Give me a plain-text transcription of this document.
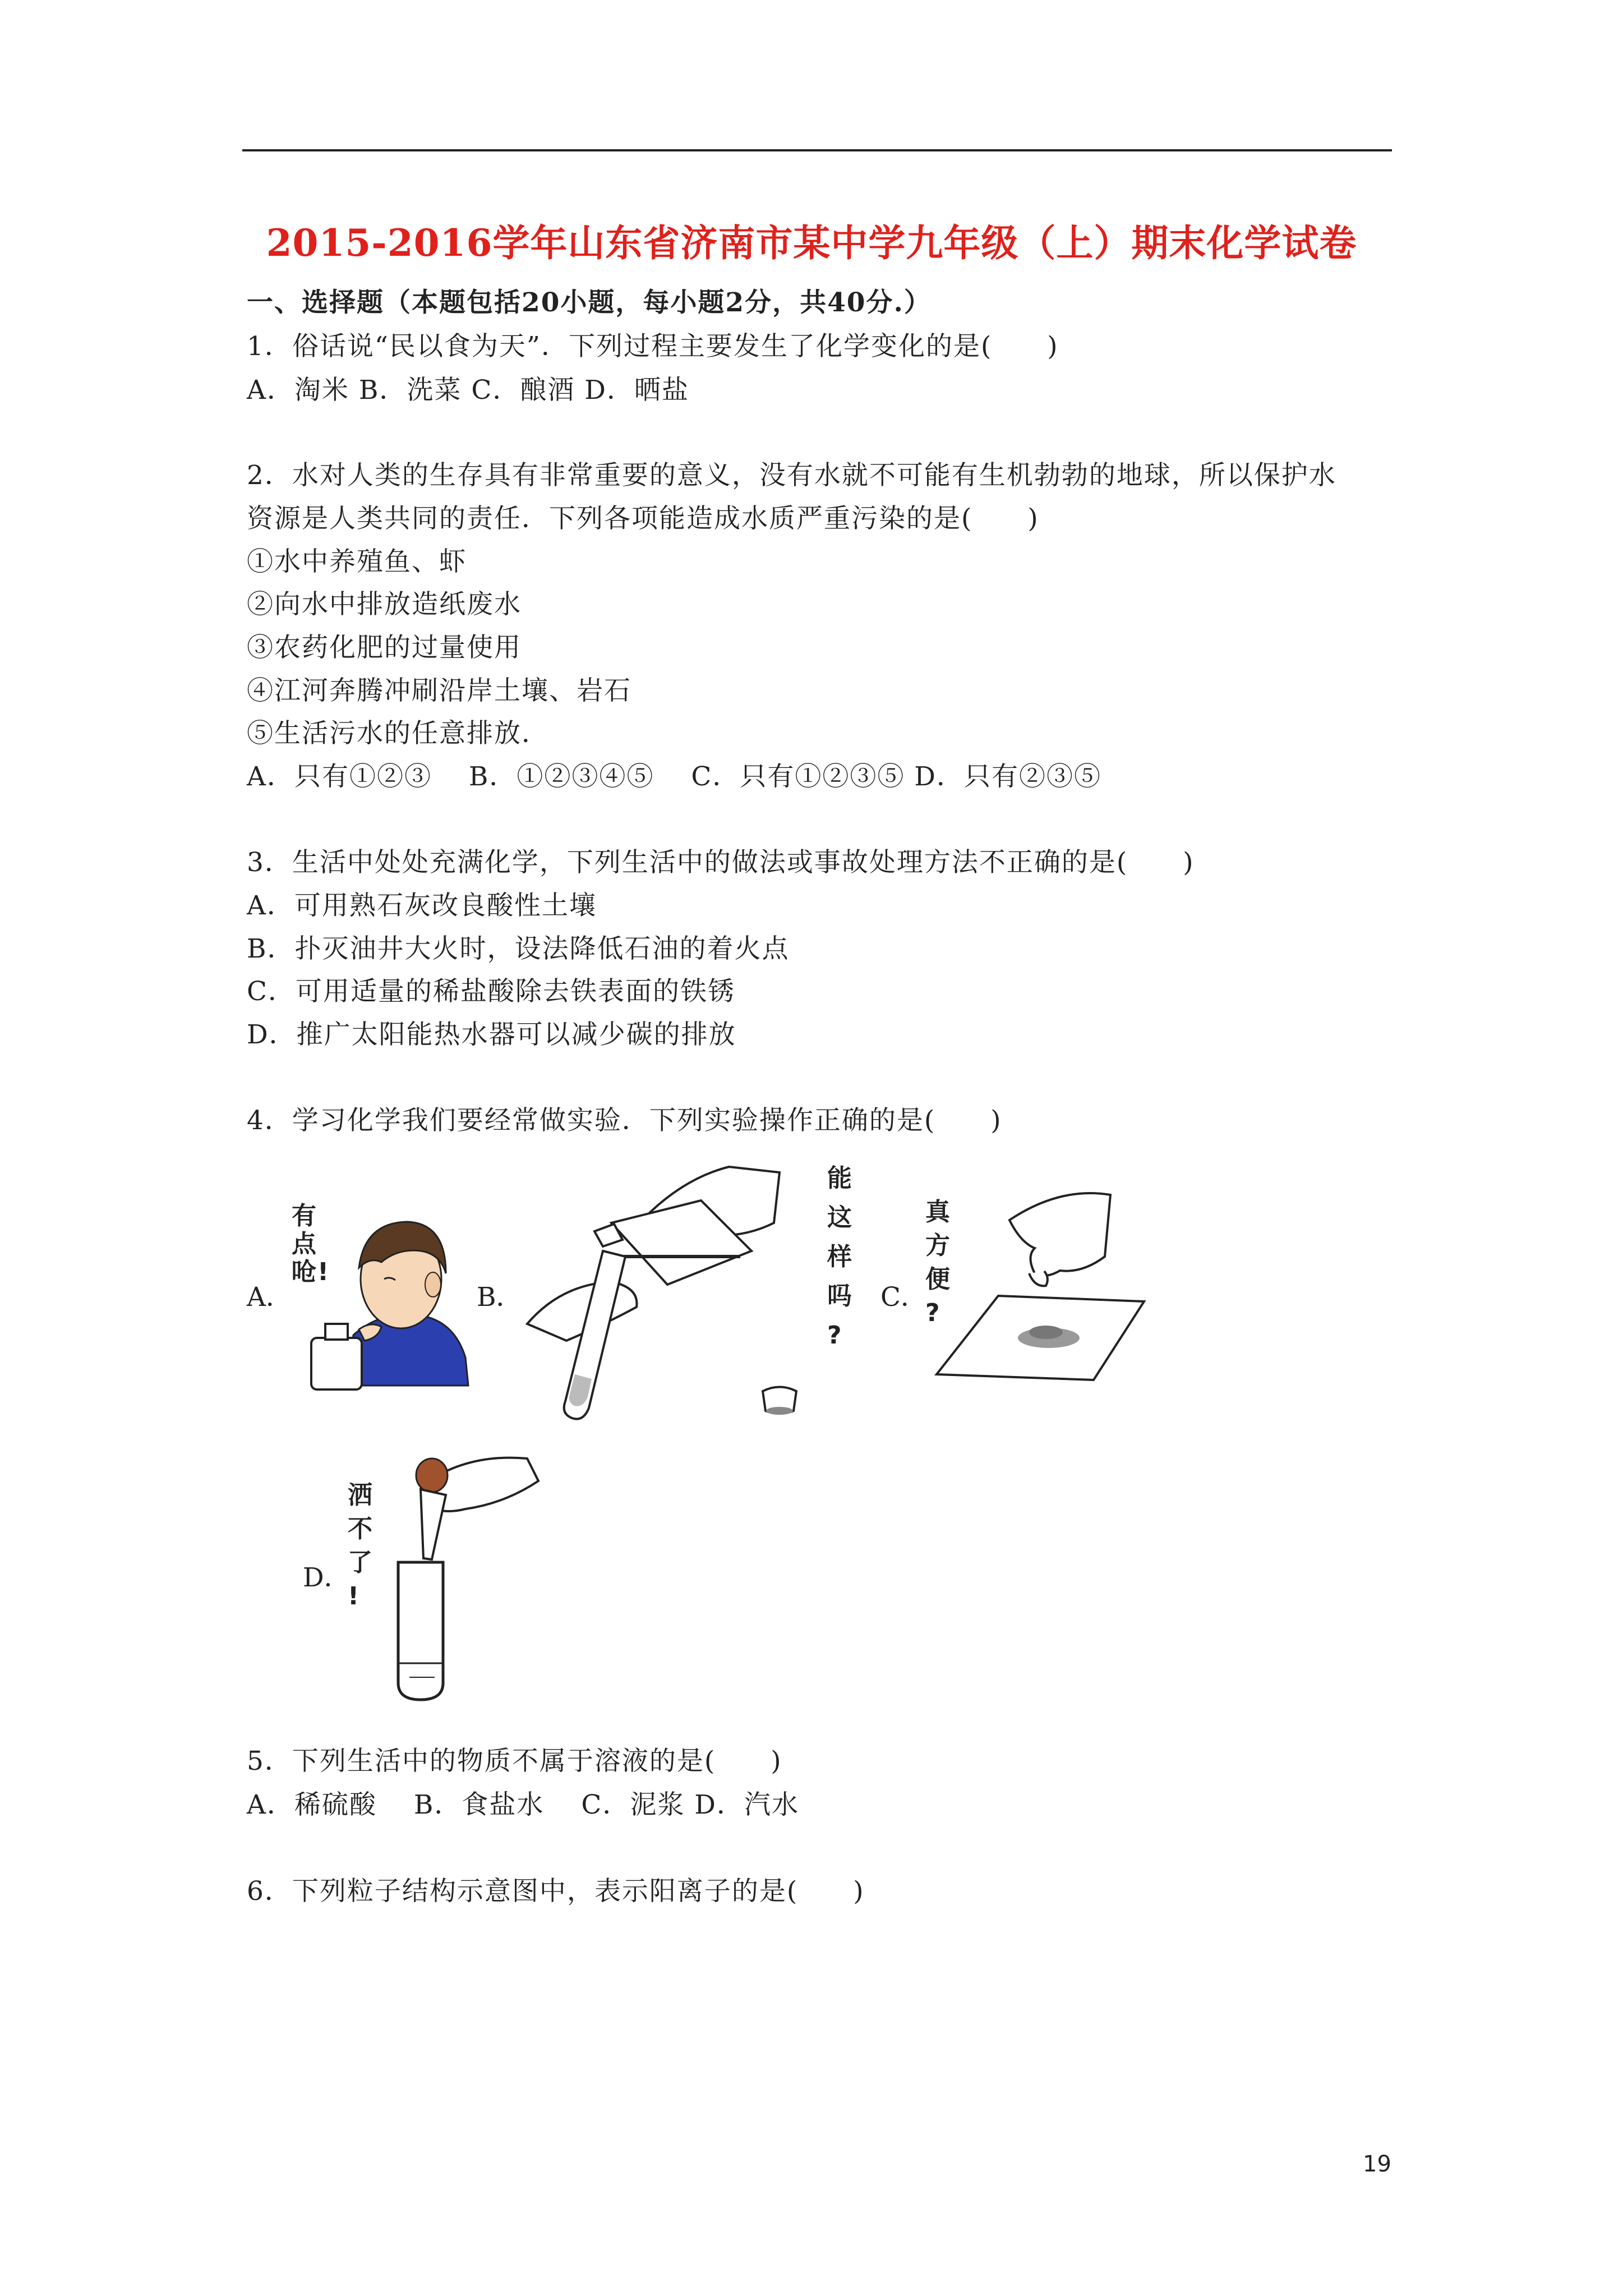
2015-2016学年山东省济南市某中学九年级（上）期末化学试卷
一、选择题（本题包括20小题，每小题2分，共40分.）
1．俗话说“民以食为天”．下列过程主要发生了化学变化的是(　　)
A．淘米 B．洗菜 C．酿酒 D．晒盐
2．水对人类的生存具有非常重要的意义，没有水就不可能有生机勃勃的地球，所以保护水
资源是人类共同的责任．下列各项能造成水质严重污染的是(　　)
①水中养殖鱼、虾
②向水中排放造纸废水
③农药化肥的过量使用
④江河奔腾冲刷沿岸土壤、岩石
⑤生活污水的任意排放．
A．只有①②③　 B．①②③④⑤　 C．只有①②③⑤ D．只有②③⑤
3．生活中处处充满化学，下列生活中的做法或事故处理方法不正确的是(　　)
A．可用熟石灰改良酸性土壤
B．扑灭油井大火时，设法降低石油的着火点
C．可用适量的稀盐酸除去铁表面的铁锈
D．推广太阳能热水器可以减少碳的排放
4．学习化学我们要经常做实验．下列实验操作正确的是(　　)
A．	B．	C．
D．
有
点
呛 !
能
这
样
吗
?
真
方
便
?
洒
不
了
!
5．下列生活中的物质不属于溶液的是(　　)
A．稀硫酸　 B．食盐水　 C．泥浆 D．汽水
6．下列粒子结构示意图中，表示阳离子的是(　　)
19
